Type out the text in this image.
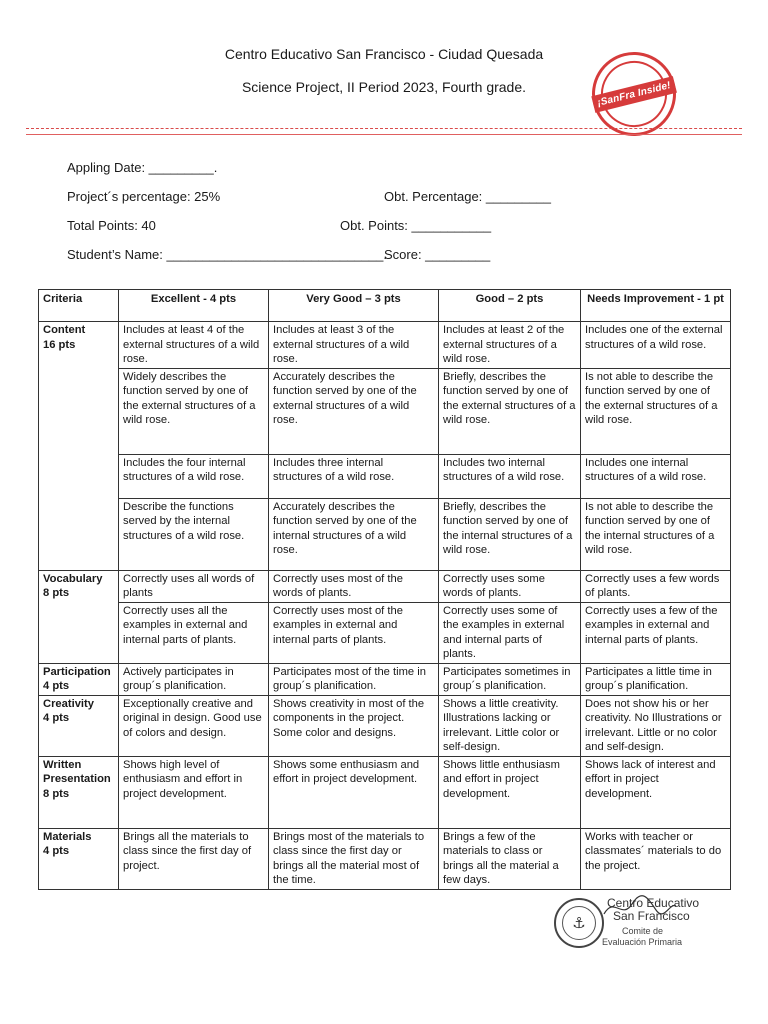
Centro Educativo San Francisco - Ciudad Quesada
Science Project, II Period 2023, Fourth grade.	¡SanFra Inside!
Appling Date: _________.
Project´s percentage: 25%	Obt. Percentage: _________
Total Points: 40	Obt. Points: ___________
Student’s Name: ______________________________.
Score: _________
Criteria	Excellent - 4 pts	Very Good – 3 pts	Good – 2 pts	Needs Improvement - 1 pt

Content
16 pts	Includes at least 4 of the external structures of a wild rose.	Includes at least 3 of the external structures of a wild rose.	Includes at least 2 of the external structures of a wild rose.	Includes one of the external structures of a wild rose.
	Widely describes the function served by one of the external structures of a wild rose.	Accurately describes the function served by one of the external structures of a wild rose.	Briefly, describes the function served by one of the external structures of a wild rose.	Is not able to describe the function served by one of the external structures of a wild rose.
	Includes the four internal structures of a wild rose.	Includes three internal structures of a wild rose.	Includes two internal structures of a wild rose.	Includes one internal structures of a wild rose.
	Describe the functions served by the internal structures of a wild rose.	Accurately describes the function served by one of the internal structures of a wild rose.	Briefly, describes the function served by one of the internal structures of a wild rose.	Is not able to describe the function served by one of the internal structures of a wild rose.

Vocabulary
8 pts	Correctly uses all words of plants	Correctly uses most of the words of plants.	Correctly uses some words of plants.	Correctly uses a few words of plants.
	Correctly uses all the examples in external and internal parts of plants.	Correctly uses most of the examples in external and internal parts of plants.	Correctly uses some of the examples in external and internal parts of plants.	Correctly uses a few of the examples in external and internal parts of plants.

Participation
4 pts	Actively participates in group´s planification.	Participates most of the time in group´s planification.	Participates sometimes in group´s planification.	Participates a little time in group´s planification.

Creativity
4 pts	Exceptionally creative and original in design. Good use of colors and design.	Shows creativity in most of the components in the project. Some color and designs.	Shows a little creativity. Illustrations lacking or irrelevant. Little color or self-design.	Does not show his or her creativity. No Illustrations or irrelevant. Little or no color and self-design.

Written Presentation
8 pts	Shows high level of enthusiasm and effort in project development.	Shows some enthusiasm and effort in project development.	Shows little enthusiasm and effort in project development.	Shows lack of interest and effort in project development.

Materials
4 pts	Brings all the materials to class since the first day of project.	Brings most of the materials to class since the first day or brings all the material most of the time.	Brings a few of the materials to class or brings all the material a few days.	Works with teacher or classmates´ materials to do the project.
⚓
Centro Educativo
San Francisco
Comite de
Evaluación Primaria
